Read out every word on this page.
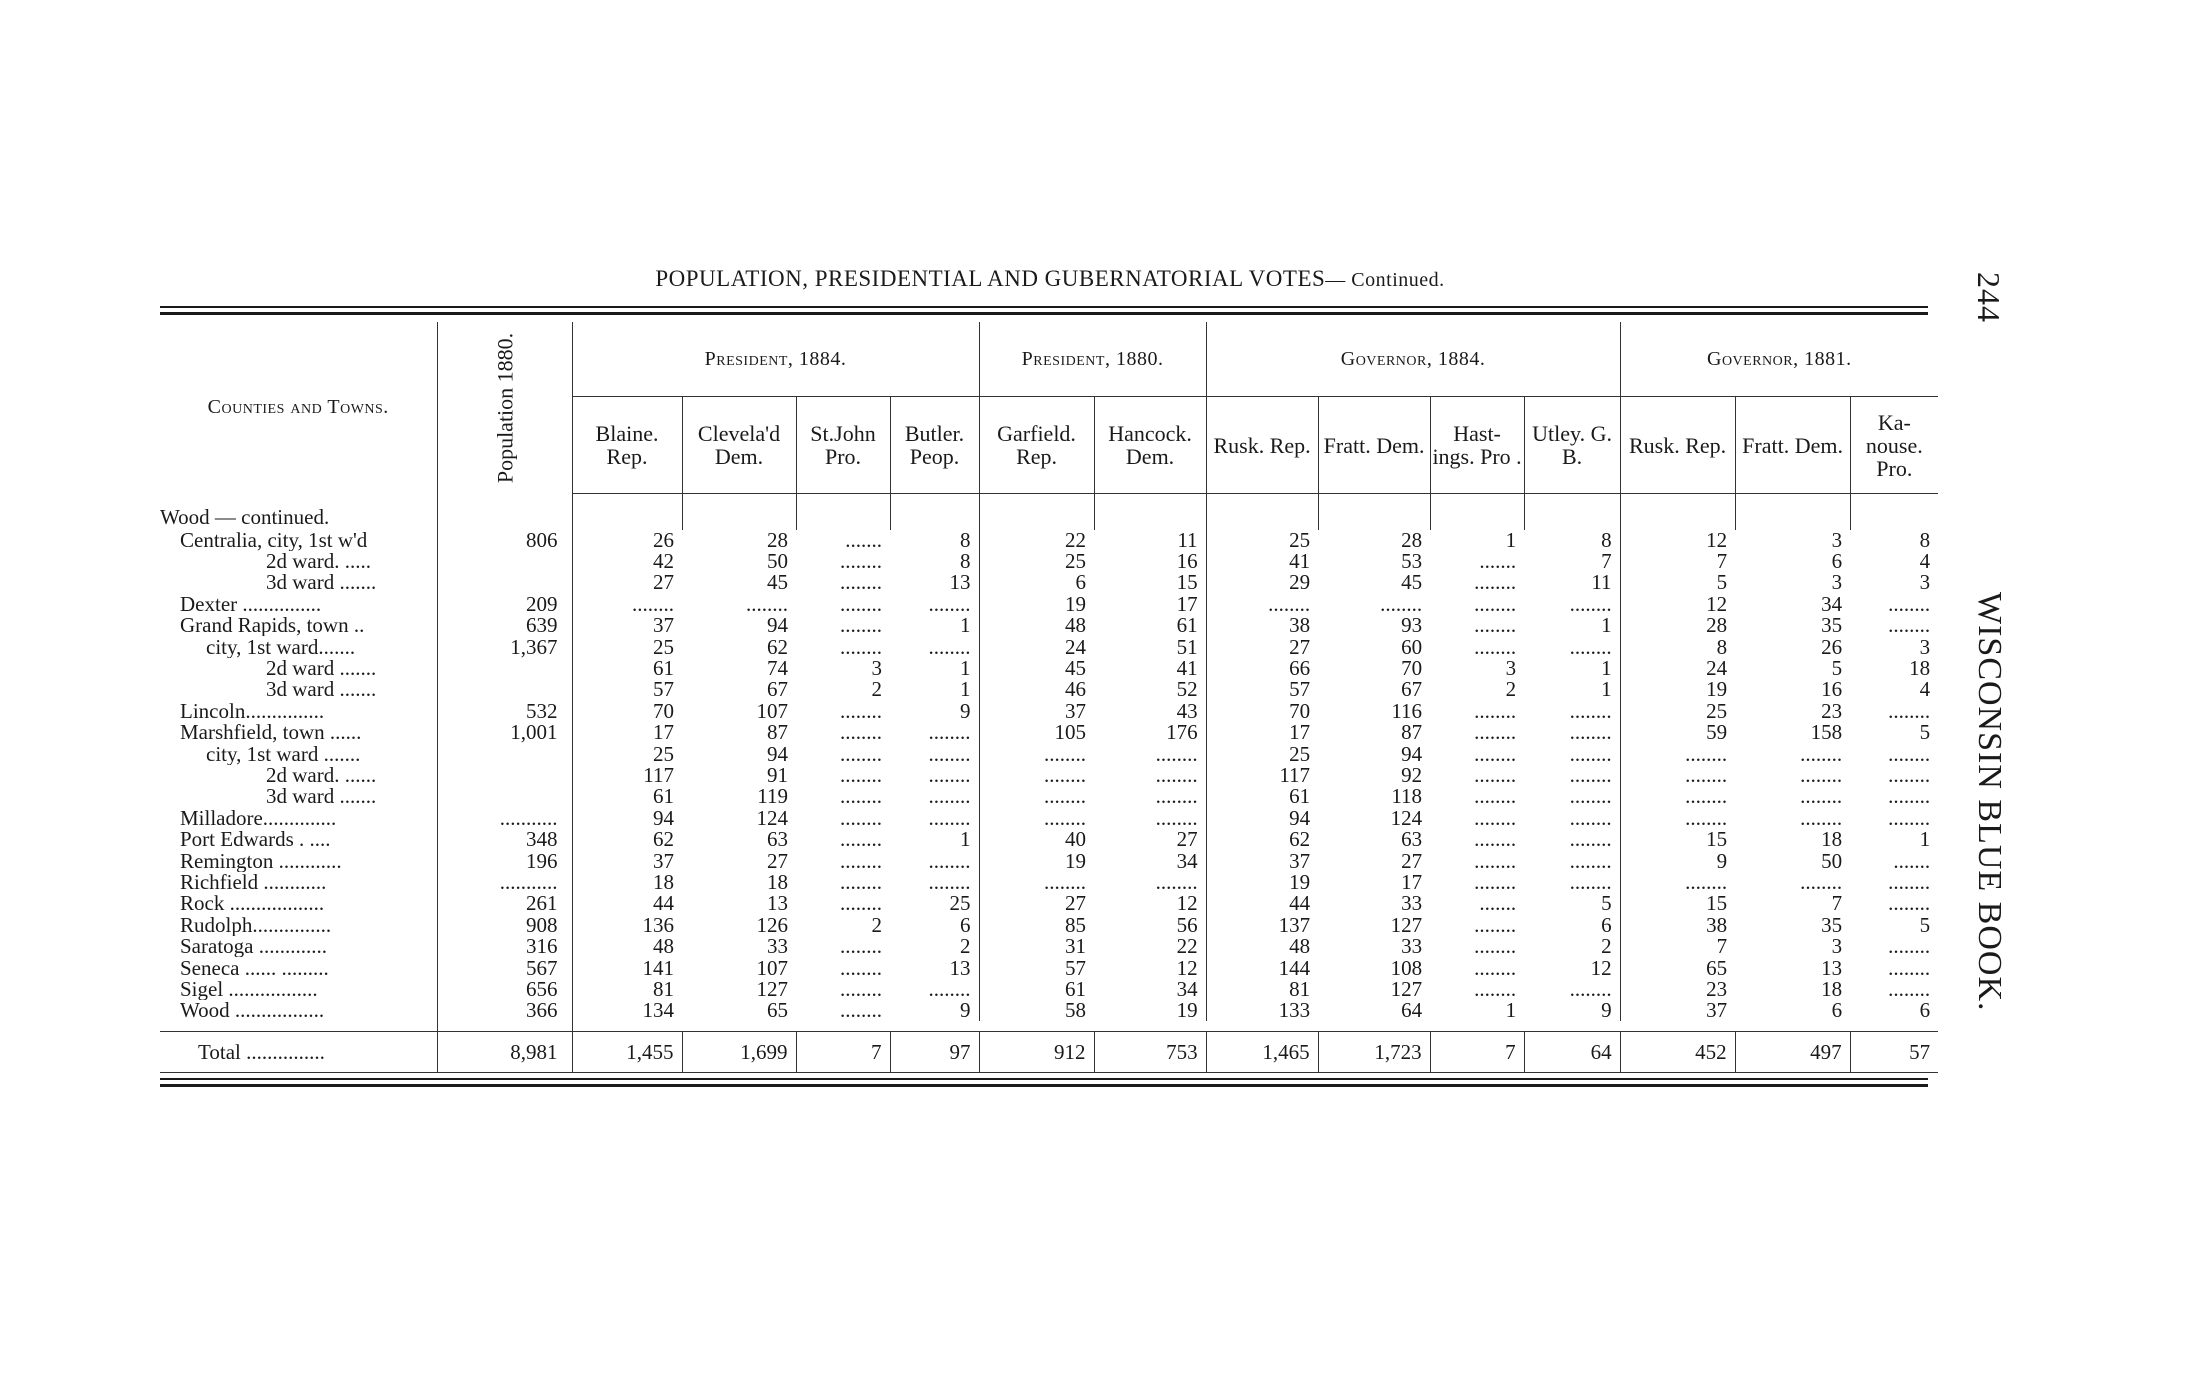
POPULATION, PRESIDENTIAL AND GUBERNATORIAL VOTES— Continued.	244
WISCONSIN BLUE BOOK.
Counties and Towns.	Population 1880.	President, 1884.				President, 1880.		Governor, 1884.				Governor, 1881.		
		Blaine. Rep.	Clevela'd Dem.	St.John Pro.	Butler. Peop.	Garfield. Rep.	Hancock. Dem.	Rusk. Rep.	Fratt. Dem.	Hast- ings. Pro .	Utley. G. B.	Rusk. Rep.	Fratt. Dem.	Ka- nouse. Pro.
Wood — continued.														
Centralia, city, 1st w'd	806	26	28	.......	8	22	11	25	28	1	8	12	3	8
2d ward. .....		42	50	........	8	25	16	41	53	.......	7	7	6	4
3d ward .......		27	45	........	13	6	15	29	45	........	11	5	3	3
Dexter ...............	209	........	........	........	........	19	17	........	........	........	........	12	34	........
Grand Rapids, town ..	639	37	94	........	1	48	61	38	93	........	1	28	35	........
city, 1st ward.......	1,367	25	62	........	........	24	51	27	60	........	........	8	26	3
2d ward .......		61	74	3	1	45	41	66	70	3	1	24	5	18
3d ward .......		57	67	2	1	46	52	57	67	2	1	19	16	4
Lincoln...............	532	70	107	........	9	37	43	70	116	........	........	25	23	........
Marshfield, town ......	1,001	17	87	........	........	105	176	17	87	........	........	59	158	5
city, 1st ward .......		25	94	........	........	........	........	25	94	........	........	........	........	........
2d ward. ......		117	91	........	........	........	........	117	92	........	........	........	........	........
3d ward .......		61	119	........	........	........	........	61	118	........	........	........	........	........
Milladore..............	...........	94	124	........	........	........	........	94	124	........	........	........	........	........
Port Edwards . ....	348	62	63	........	1	40	27	62	63	........	........	15	18	1
Remington ............	196	37	27	........	........	19	34	37	27	........	........	9	50	.......
Richfield ............	...........	18	18	........	........	........	........	19	17	........	........	........	........	........
Rock ..................	261	44	13	........	25	27	12	44	33	.......	5	15	7	........
Rudolph...............	908	136	126	2	6	85	56	137	127	........	6	38	35	5
Saratoga .............	316	48	33	........	2	31	22	48	33	........	2	7	3	........
Seneca ...... .........	567	141	107	........	13	57	12	144	108	........	12	65	13	........
Sigel .................	656	81	127	........	........	61	34	81	127	........	........	23	18	........
Wood .................	366	134	65	........	9	58	19	133	64	1	9	37	6	6

Total ...............	8,981	1,455	1,699	7	97	912	753	1,465	1,723	7	64	452	497	57
